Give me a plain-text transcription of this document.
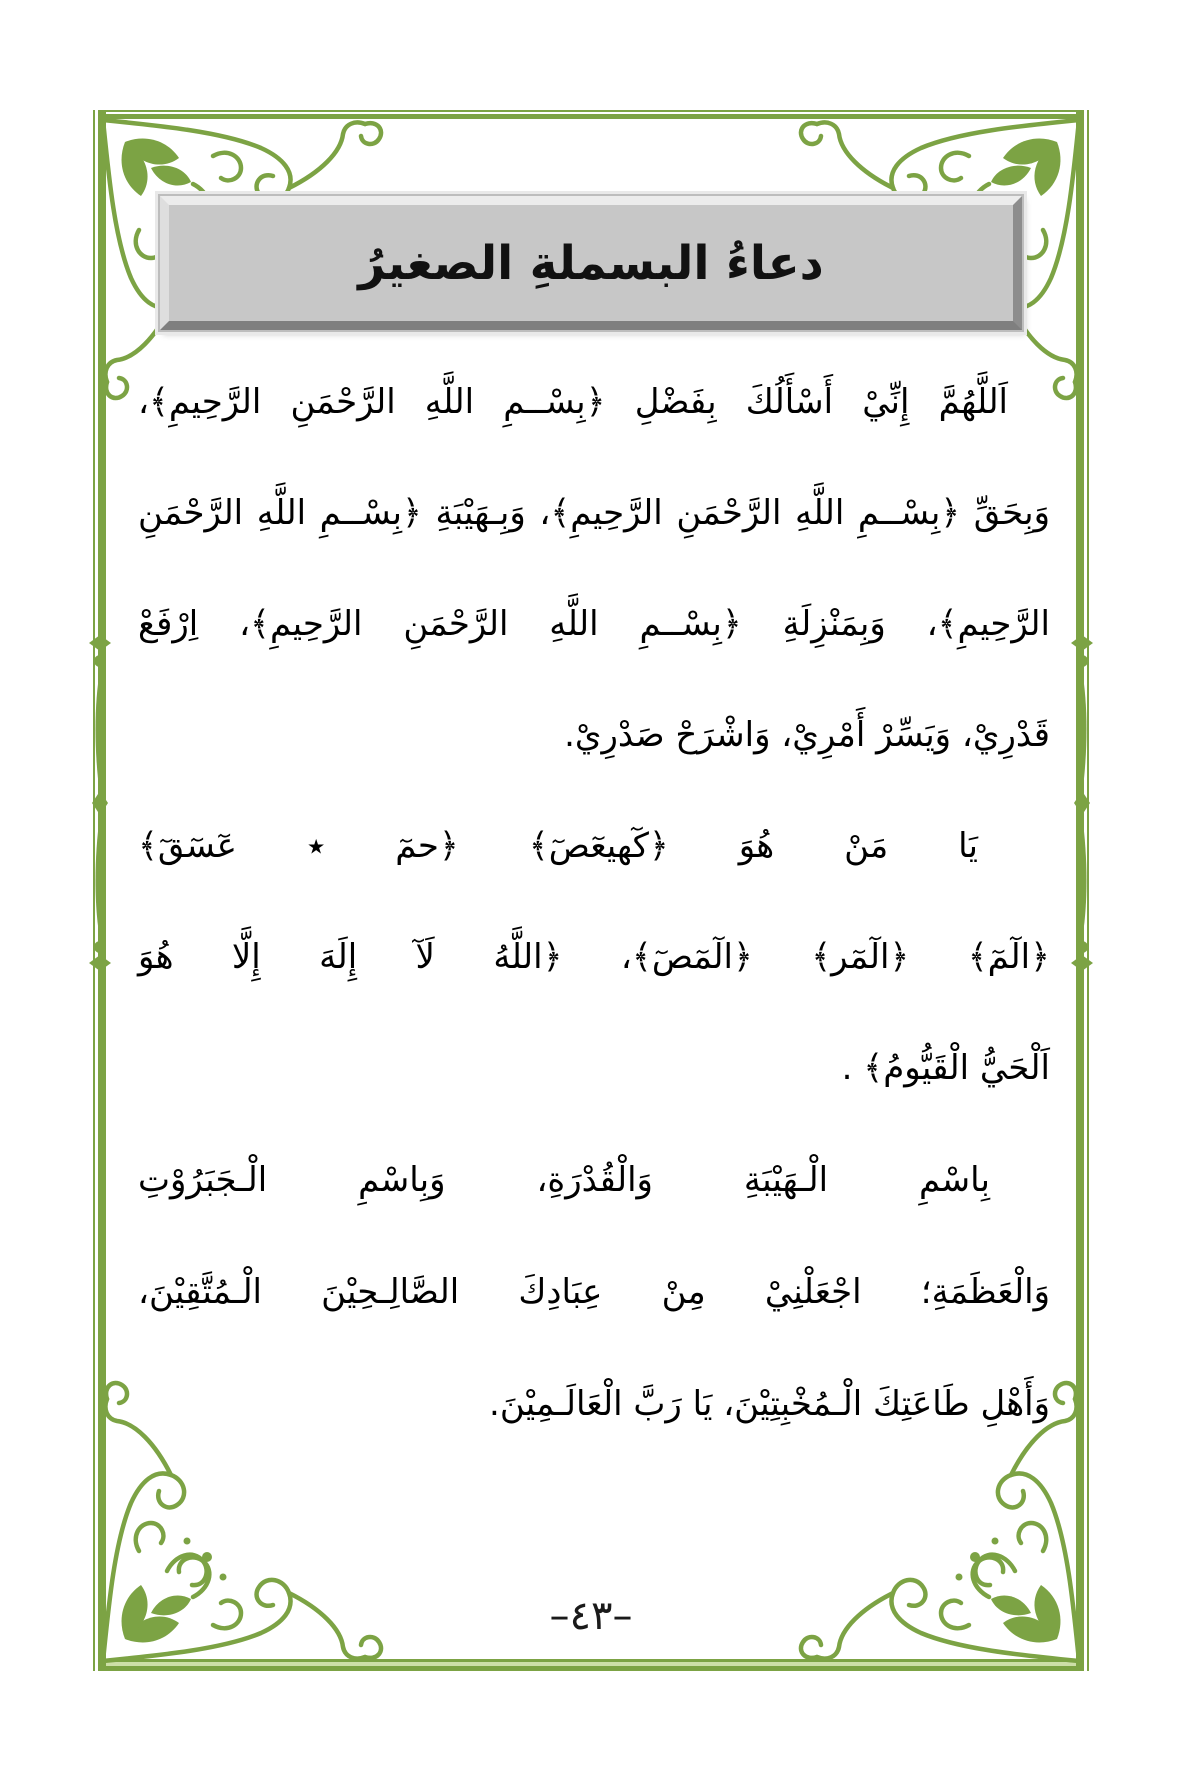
دعاءُ البسملةِ الصغيرُ
اَللَّهُمَّ إِنِّيْ أَسْأَلُكَ بِفَضْلِ ﴿بِسْــمِ اللَّهِ الرَّحْمَنِ الرَّحِيمِ﴾،
وَبِحَقِّ ﴿بِسْــمِ اللَّهِ الرَّحْمَنِ الرَّحِيمِ﴾، وَبِـهَيْبَةِ ﴿بِسْــمِ اللَّهِ الرَّحْمَنِ
الرَّحِيمِ﴾، وَبِمَنْزِلَةِ ﴿بِسْــمِ اللَّهِ الرَّحْمَنِ الرَّحِيمِ﴾، اِرْفَعْ
قَدْرِيْ، وَيَسِّرْ أَمْرِيْ، وَاشْرَحْ صَدْرِيْ.
يَا مَنْ هُوَ ﴿كٓهيعٓصٓ﴾ ﴿حمٓ ٭ عٓسٓقٓ﴾
﴿الٓمٓ﴾ ﴿الٓمٓر﴾ ﴿الٓمٓصٓ﴾، ﴿اللَّهُ لَآ إِلَهَ إِلَّا هُوَ
اَلْحَيُّ الْقَيُّومُ﴾ .
بِاسْمِ الْـهَيْبَةِ وَالْقُدْرَةِ، وَبِاسْمِ الْـجَبَرُوْتِ
وَالْعَظَمَةِ؛ اجْعَلْنِيْ مِنْ عِبَادِكَ الصَّالِـحِيْنَ الْـمُتَّقِيْنَ،
وَأَهْلِ طَاعَتِكَ الْـمُخْبِتِيْنَ، يَا رَبَّ الْعَالَـمِيْنَ.
–٤٣–
